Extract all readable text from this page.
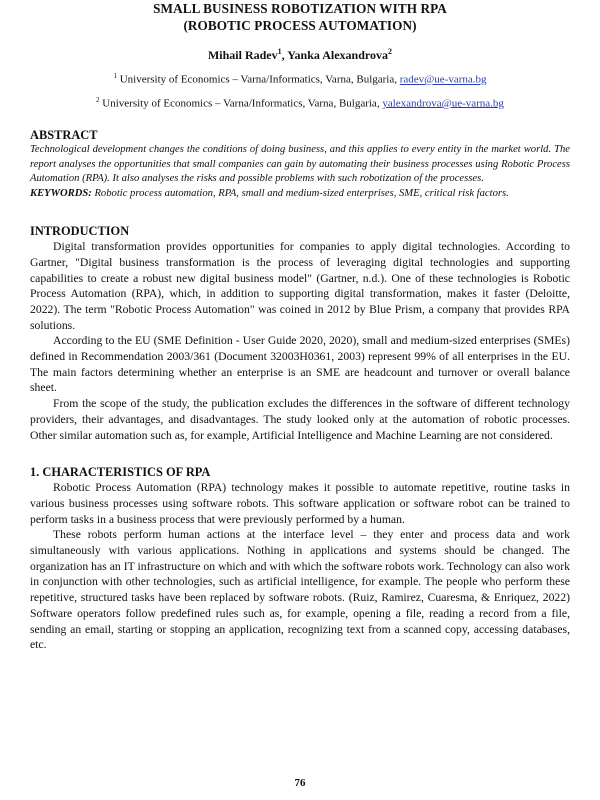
SMALL BUSINESS ROBOTIZATION WITH RPA
(ROBOTIC PROCESS AUTOMATION)
Mihail Radev$^1$, Yanka Alexandrova$^2$
$^1$ University of Economics – Varna/Informatics, Varna, Bulgaria, radev@ue-varna.bg
$^2$ University of Economics – Varna/Informatics, Varna, Bulgaria, yalexandrova@ue-varna.bg
ABSTRACT

Technological development changes the conditions of doing business, and this applies to every entity in the market world. The report analyses the opportunities that small companies can gain by automating their business processes using Robotic Process Automation (RPA). It also analyses the risks and possible problems with such robotization of the processes.

KEYWORDS: Robotic process automation, RPA, small and medium-sized enterprises, SME, critical risk factors.

INTRODUCTION

Digital transformation provides opportunities for companies to apply digital technologies. According to Gartner, "Digital business transformation is the process of leveraging digital technologies and supporting capabilities to create a robust new digital business model" (Gartner, n.d.). One of these technologies is Robotic Process Automation (RPA), which, in addition to supporting digital transformation, makes it faster (Deloitte, 2022). The term "Robotic Process Automation" was coined in 2012 by Blue Prism, a company that provides RPA solutions.

According to the EU (SME Definition - User Guide 2020, 2020), small and medium-sized enterprises (SMEs) defined in Recommendation 2003/361 (Document 32003H0361, 2003) represent 99% of all enterprises in the EU. The main factors determining whether an enterprise is an SME are headcount and turnover or overall balance sheet.

From the scope of the study, the publication excludes the differences in the software of different technology providers, their advantages, and disadvantages. The study looked only at the automation of robotic processes. Other similar automation such as, for example, Artificial Intelligence and Machine Learning are not considered.

1. CHARACTERISTICS OF RPA

Robotic Process Automation (RPA) technology makes it possible to automate repetitive, routine tasks in various business processes using software robots. This software application or software robot can be trained to perform tasks in a business process that were previously performed by a human.

These robots perform human actions at the interface level – they enter and process data and work simultaneously with various applications. Nothing in applications and systems should be changed. The organization has an IT infrastructure on which and with which the software robots work. Technology can also work in conjunction with other technologies, such as artificial intelligence, for example. The people who perform these repetitive, structured tasks have been replaced by software robots. (Ruiz, Ramirez, Cuaresma, & Enriquez, 2022) Software operators follow predefined rules such as, for example, opening a file, reading a record from a file, sending an email, starting or stopping an application, recognizing text from a scanned copy, accessing databases, etc.

76
